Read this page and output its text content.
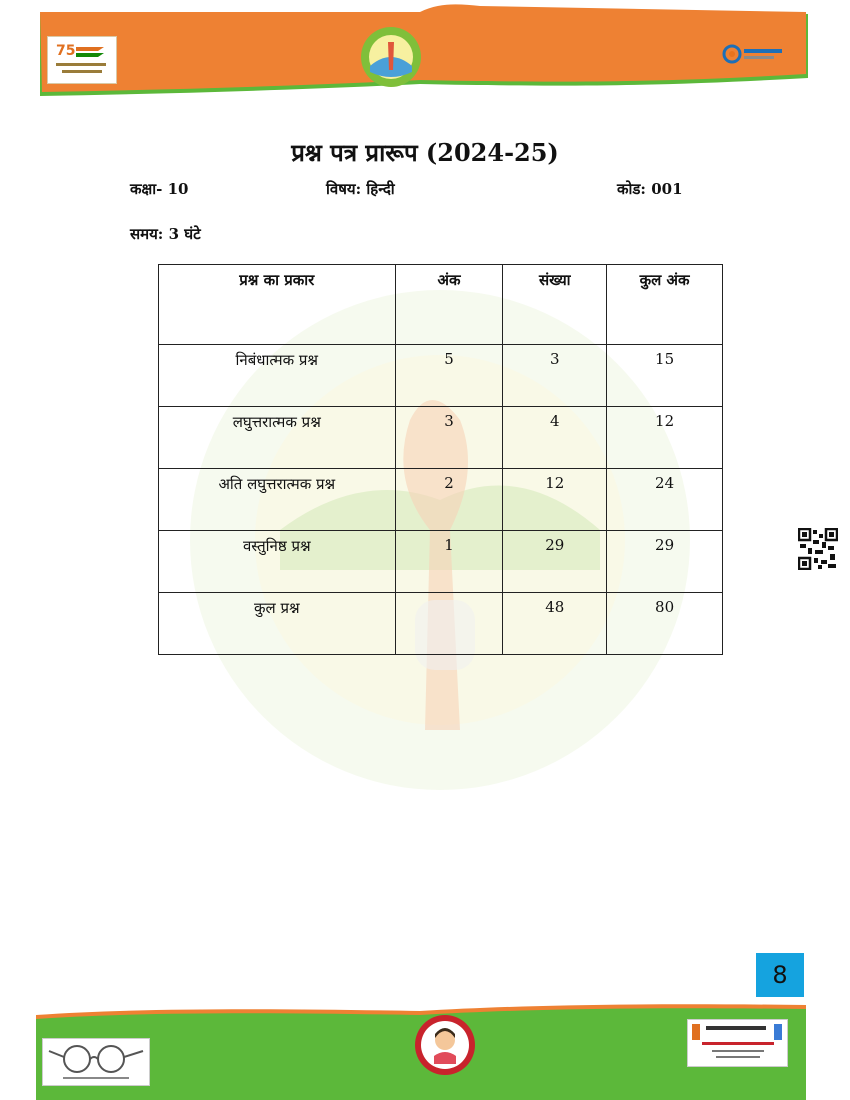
75
प्रश्न पत्र प्रारूप (2024-25)
कक्षा- 10	विषय: हिन्दी	कोड: 001
समय: 3 घंटे
प्रश्न का प्रकार	अंक	संख्या	कुल अंक
निबंधात्मक प्रश्न	5	3	15
लघुत्तरात्मक प्रश्न	3	4	12
अति लघुत्तरात्मक प्रश्न	2	12	24
वस्तुनिष्ठ प्रश्न	1	29	29
कुल प्रश्न		48	80
8
